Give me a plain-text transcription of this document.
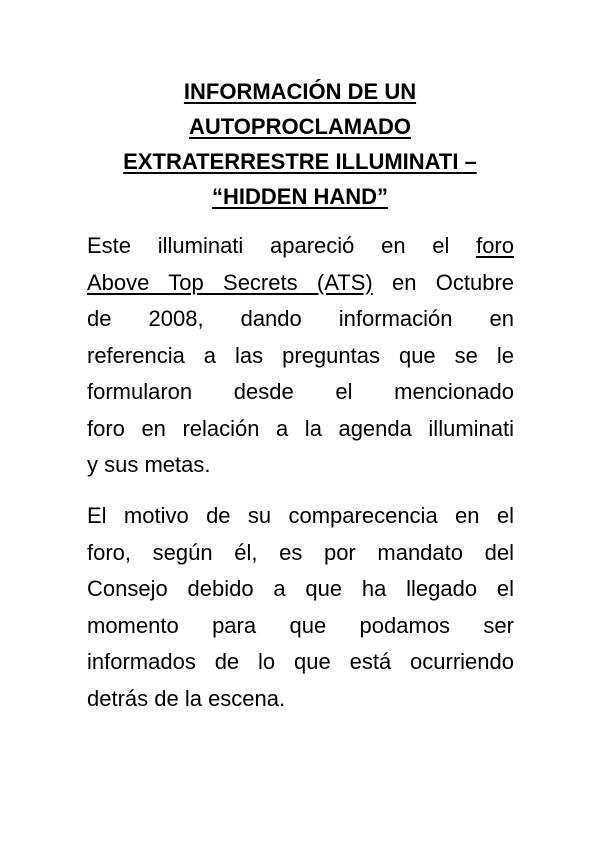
INFORMACIÓN DE UN
AUTOPROCLAMADO
EXTRATERRESTRE ILLUMINATI –
“HIDDEN HAND”
Este illuminati apareció en el foro
Above Top Secrets (ATS) en Octubre
de 2008, dando información en
referencia a las preguntas que se le
formularon desde el mencionado
foro en relación a la agenda illuminati
y sus metas.
El motivo de su comparecencia en el
foro, según él, es por mandato del
Consejo debido a que ha llegado el
momento para que podamos ser
informados de lo que está ocurriendo
detrás de la escena.
